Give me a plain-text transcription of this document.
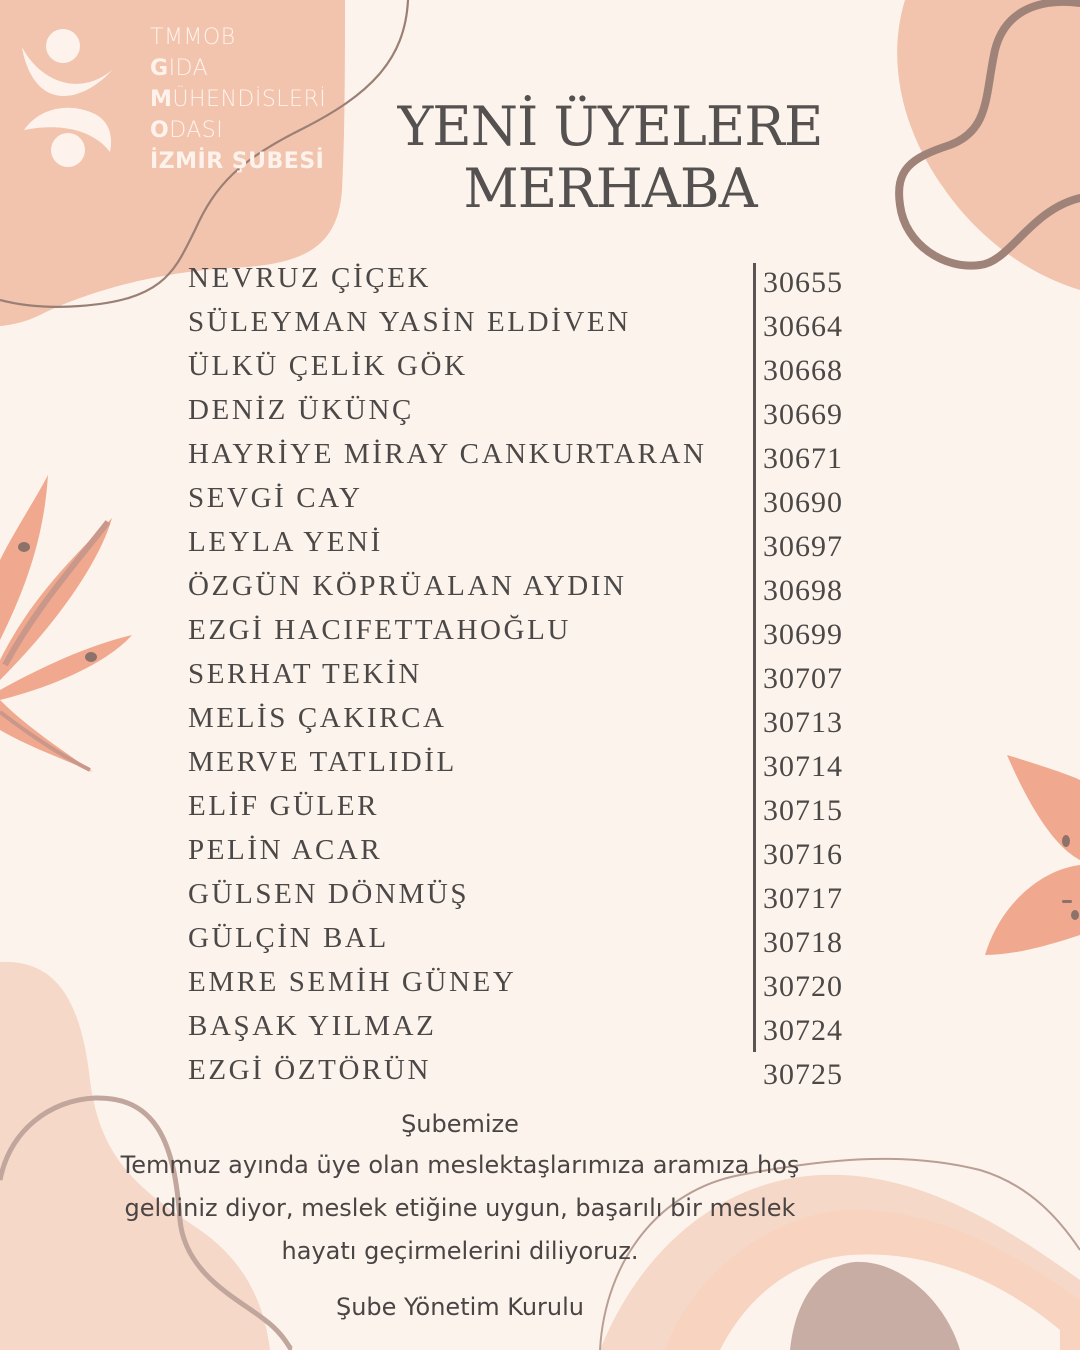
TMMOB
GIDA
MÜHENDİSLERİ
ODASI
İZMİR ŞUBESİ
YENİ ÜYELERE
MERHABA
NEVRUZ ÇİÇEK	30655
SÜLEYMAN YASİN ELDİVEN	30664
ÜLKÜ ÇELİK GÖK	30668
DENİZ ÜKÜNÇ	30669
HAYRİYE MİRAY CANKURTARAN 30671
SEVGİ CAY	30690
LEYLA YENİ	30697
ÖZGÜN KÖPRÜALAN AYDIN	30698
EZGİ HACIFETTAHOĞLU	30699
SERHAT TEKİN	30707
MELİS ÇAKIRCA	30713
MERVE TATLIDİL	30714
ELİF GÜLER	30715
PELİN ACAR	30716
GÜLSEN DÖNMÜŞ	30717
GÜLÇİN BAL	30718
EMRE SEMİH GÜNEY	30720
BAŞAK YILMAZ	30724
EZGİ ÖZTÖRÜN	30725
Şubemize
Temmuz ayında üye olan meslektaşlarımıza aramıza hoş
geldiniz diyor, meslek etiğine uygun, başarılı bir meslek
hayatı geçirmelerini diliyoruz.
Şube Yönetim Kurulu
